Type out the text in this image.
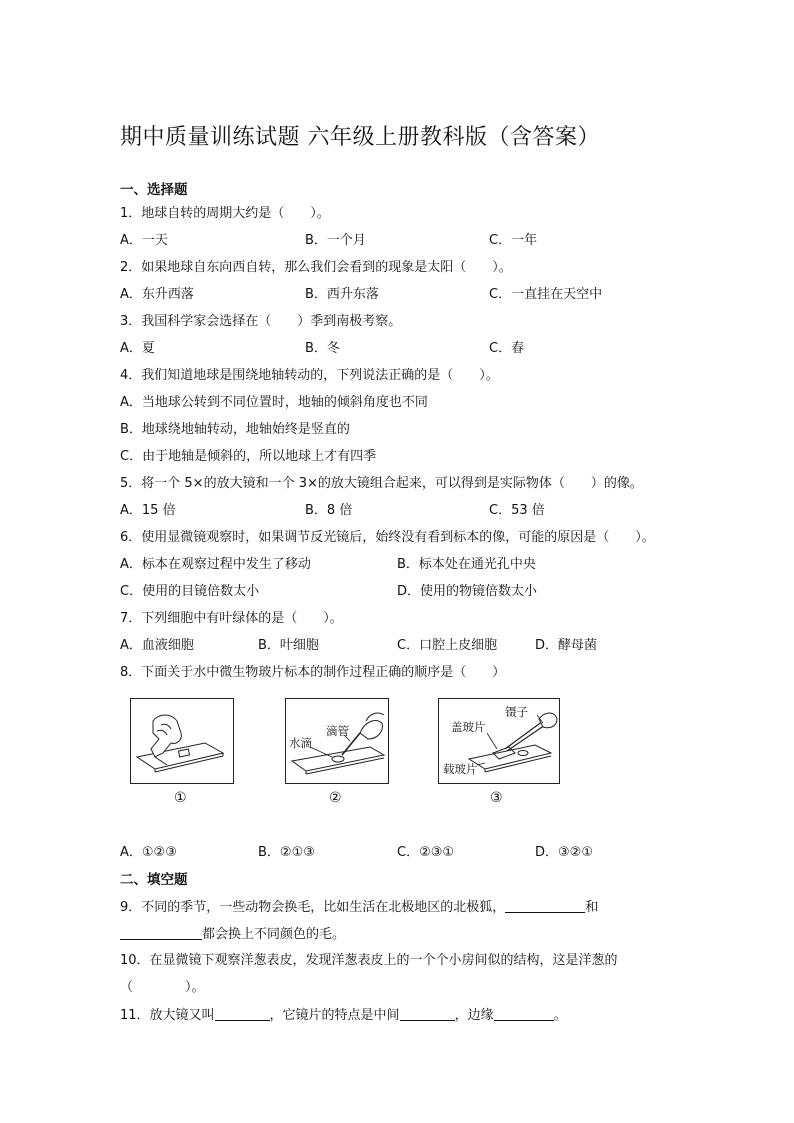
期中质量训练试题 六年级上册教科版（含答案）
一、选择题
1．地球自转的周期大约是（　　）。
A．一天	B．一个月	C．一年
2．如果地球自东向西自转，那么我们会看到的现象是太阳（　　）。
A．东升西落	B．西升东落	C．一直挂在天空中
3．我国科学家会选择在（　　）季到南极考察。
A．夏	B．冬	C．春
4．我们知道地球是围绕地轴转动的，下列说法正确的是（　　）。
A．当地球公转到不同位置时，地轴的倾斜角度也不同
B．地球绕地轴转动，地轴始终是竖直的
C．由于地轴是倾斜的，所以地球上才有四季
5．将一个 5×的放大镜和一个 3×的放大镜组合起来，可以得到是实际物体（　　）的像。
A．15 倍	B．8 倍	C．53 倍
6．使用显微镜观察时，如果调节反光镜后，始终没有看到标本的像，可能的原因是（　　）。
A．标本在观察过程中发生了移动	B．标本处在通光孔中央
C．使用的目镜倍数太小	D．使用的物镜倍数太小
7．下列细胞中有叶绿体的是（　　）。
A．血液细胞	B．叶细胞	C．口腔上皮细胞	D．酵母菌
8．下面关于水中微生物玻片标本的制作过程正确的顺序是（　　）
水滴
滴管	盖玻片
镊子
载玻片
①	②	③
A．①②③	B．②①③	C．②③①	D．③②①
二、填空题
9．不同的季节，一些动物会换毛，比如生活在北极地区的北极狐，	和
都会换上不同颜色的毛。
10．在显微镜下观察洋葱表皮，发现洋葱表皮上的一个个小房间似的结构，这是洋葱的
（　　　　）。
11．放大镜又叫	，它镜片的特点是中间	，边缘	。
